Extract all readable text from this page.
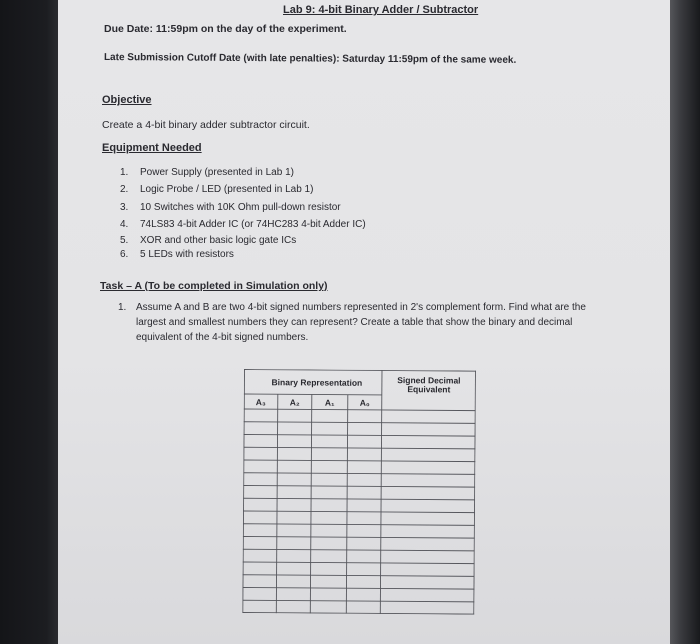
Lab 9: 4-bit Binary Adder / Subtractor
Due Date: 11:59pm on the day of the experiment.
Late Submission Cutoff Date (with late penalties): Saturday 11:59pm of the same week.
Objective
Create a 4-bit binary adder subtractor circuit.
Equipment Needed
1. Power Supply (presented in Lab 1)
2. Logic Probe / LED (presented in Lab 1)
3. 10 Switches with 10K Ohm pull-down resistor
4. 74LS83 4-bit Adder IC (or 74HC283 4-bit Adder IC)
5. XOR and other basic logic gate ICs
6. 5 LEDs with resistors
Task – A (To be completed in Simulation only)
1. Assume A and B are two 4-bit signed numbers represented in 2's complement form. Find what are the
largest and smallest numbers they can represent? Create a table that show the binary and decimal
equivalent of the 4-bit signed numbers.
Binary Representation	Signed Decimal
Equivalent
A₃	A₂	A₁	A₀
